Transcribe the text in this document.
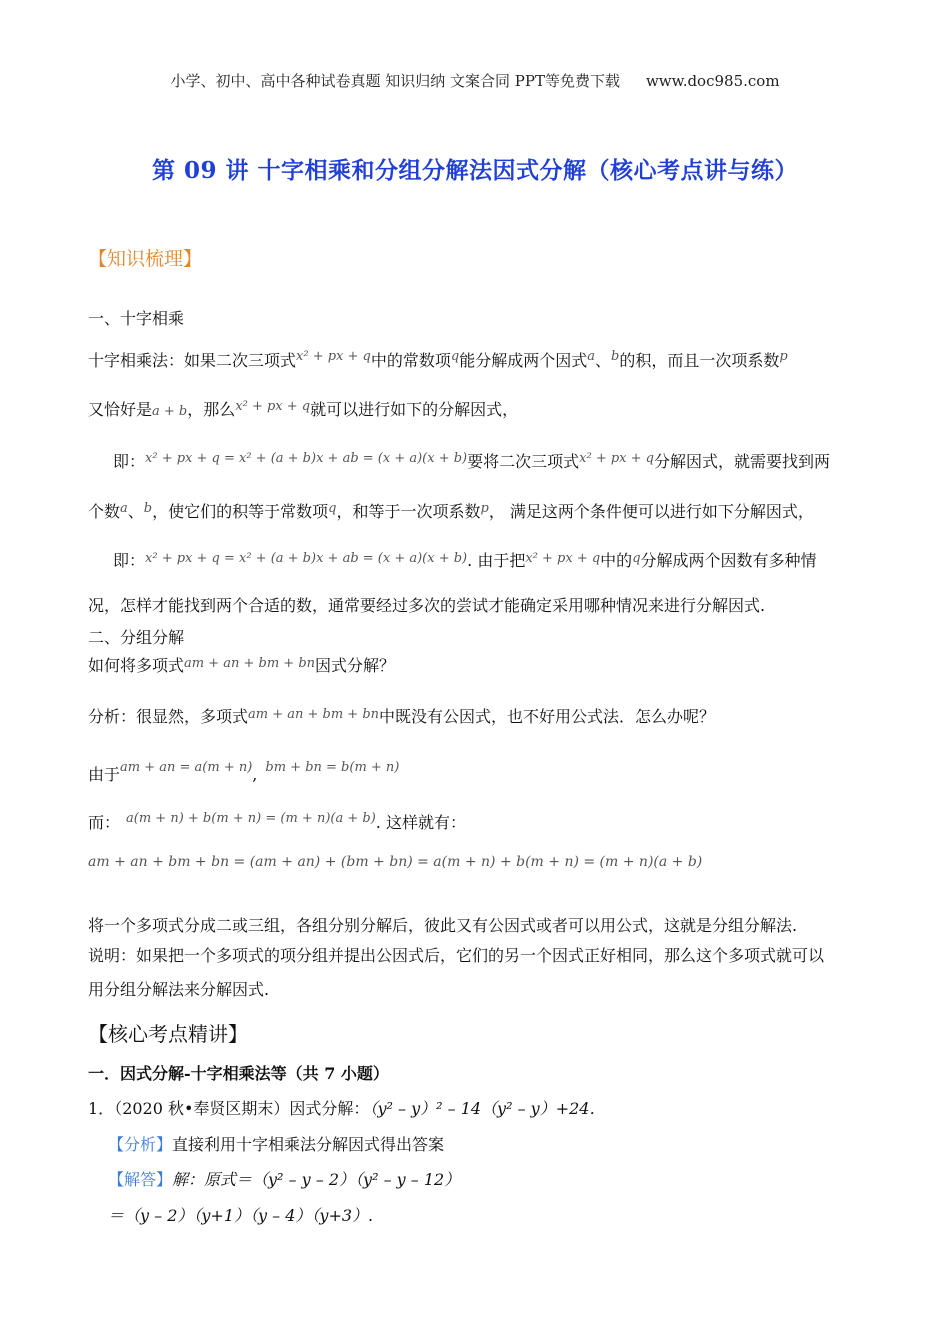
小学、初中、高中各种试卷真题 知识归纳 文案合同 PPT等免费下载 www.doc985.com
第 09 讲 十字相乘和分组分解法因式分解（核心考点讲与练）
【知识梳理】
一、十字相乘
十字相乘法：如果二次三项式$^{x^2 + px + q}$中的常数项$^q$能分解成两个因式$^a$、$^b$的积，而且一次项系数$^p$
又恰好是a + b，那么$^{x^2 + px + q}$就可以进行如下的分解因式，
即：$^{x^2 + px + q = x^2 + (a + b)x + ab = (x + a)(x + b)}$要将二次三项式$^{x^2 + px + q}$分解因式，就需要找到两
个数$^a$、$^b$，使它们的积等于常数项$^q$，和等于一次项系数$^p$， 满足这两个条件便可以进行如下分解因式，
即：$^{x^2 + px + q = x^2 + (a + b)x + ab = (x + a)(x + b)}$. 由于把$^{x^2 + px + q}$中的$^q$分解成两个因数有多种情
况，怎样才能找到两个合适的数，通常要经过多次的尝试才能确定采用哪种情况来进行分解因式.
二、分组分解
如何将多项式$^{am + an + bm + bn}$因式分解？
分析：很显然，多项式$^{am + an + bm + bn}$中既没有公因式，也不好用公式法．怎么办呢？
由于$^{am + an = a(m + n)}$, $^{bm + bn = b(m + n)}$
而： $^{a(m + n) + b(m + n) = (m + n)(a + b)}$. 这样就有：
am + an + bm + bn = (am + an) + (bm + bn) = a(m + n) + b(m + n) = (m + n)(a + b)
将一个多项式分成二或三组，各组分别分解后，彼此又有公因式或者可以用公式，这就是分组分解法.
说明：如果把一个多项式的项分组并提出公因式后，它们的另一个因式正好相同，那么这个多项式就可以
用分组分解法来分解因式.
【核心考点精讲】
一．因式分解-十字相乘法等（共 7 小题）
1．（2020 秋•奉贤区期末）因式分解：（y² – y）² – 14（y² – y）+24．
【分析】直接利用十字相乘法分解因式得出答案
【解答】解：原式＝（y² – y – 2）（y² – y – 12）
＝（y – 2）（y+1）（y – 4）（y+3）.
